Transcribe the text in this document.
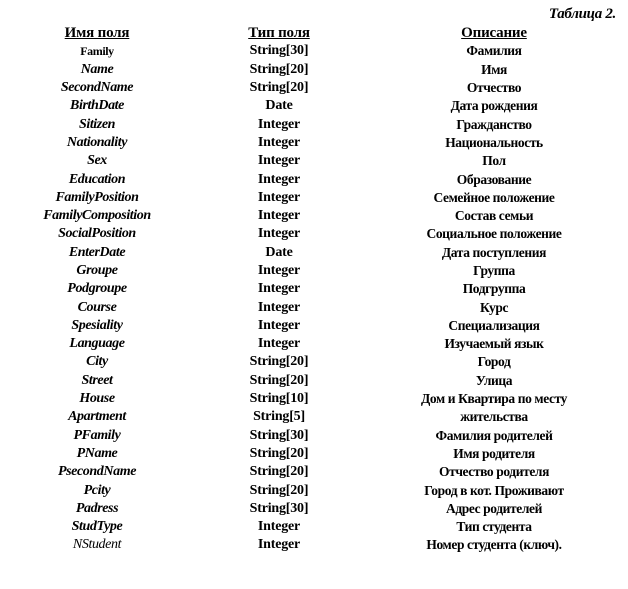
Таблица 2.
Имя поля	Тип поля	Описание
Family	String[30]	Фамилия
Name	String[20]	Имя
SecondName	String[20]	Отчество
BirthDate	Date	Дата рождения
Sitizen	Integer	Гражданство
Nationality	Integer	Национальность
Sex	Integer	Пол
Education	Integer	Образование
FamilyPosition	Integer	Семейное положение
FamilyComposition	Integer	Состав семьи
SocialPosition	Integer	Социальное положение
EnterDate	Date	Дата поступления
Groupe	Integer	Группа
Podgroupe	Integer	Подгруппа
Course	Integer	Курс
Spesiality	Integer	Специализация
Language	Integer	Изучаемый язык
City	String[20]	Город
Street	String[20]	Улица
House	String[10]	Дом и Квартира по месту
Apartment	String[5]	жительства
PFamily	String[30]	Фамилия родителей
PName	String[20]	Имя родителя
PsecondName	String[20]	Отчество родителя
Pcity	String[20]	Город в кот. Проживают
Padress	String[30]	Адрес родителей
StudType	Integer	Тип студента
NStudent	Integer	Номер студента (ключ).
